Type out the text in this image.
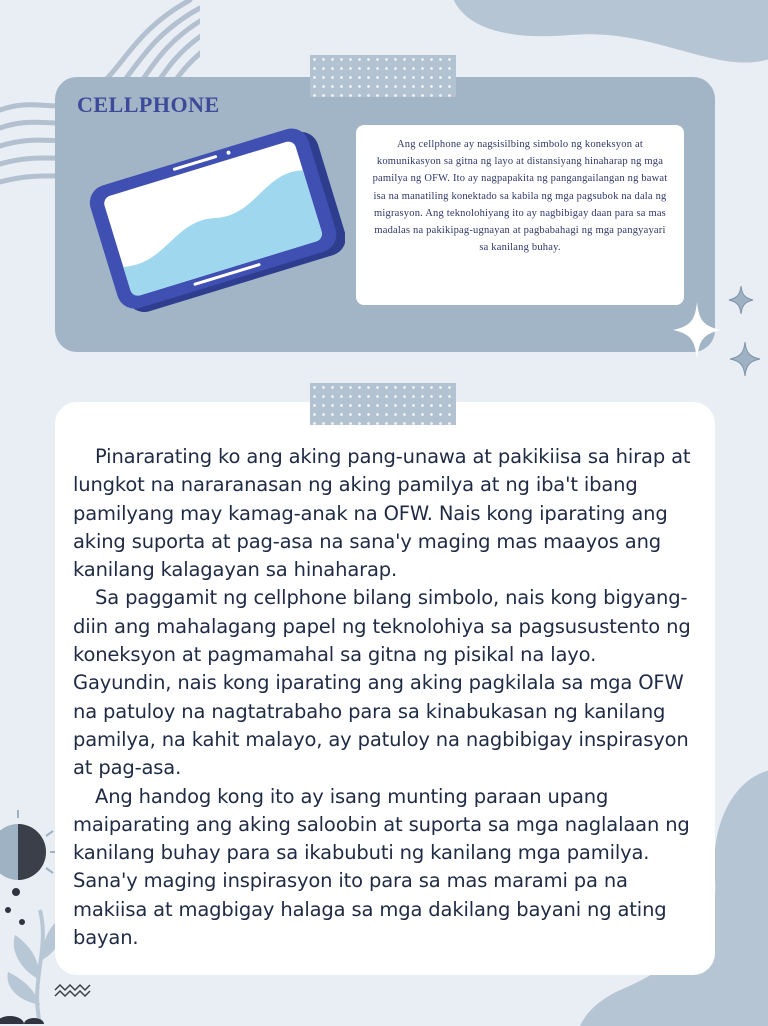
CELLPHONE
Ang cellphone ay nagsisilbing simbolo ng koneksyon at komunikasyon sa gitna ng layo at distansiyang hinaharap ng mga pamilya ng OFW. Ito ay nagpapakita ng pangangailangan ng bawat isa na manatiling konektado sa kabila ng mga pagsubok na dala ng migrasyon. Ang teknolohiyang ito ay nagbibigay daan para sa mas madalas na pakikipag-ugnayan at pagbabahagi ng mga pangyayari sa kanilang buhay.

Pinararating ko ang aking pang-unawa at pakikiisa sa hirap at lungkot na nararanasan ng aking pamilya at ng iba't ibang pamilyang may kamag-anak na OFW. Nais kong iparating ang aking suporta at pag-asa na sana'y maging mas maayos ang kanilang kalagayan sa hinaharap.

Sa paggamit ng cellphone bilang simbolo, nais kong bigyang-diin ang mahalagang papel ng teknolohiya sa pagsusustento ng koneksyon at pagmamahal sa gitna ng pisikal na layo. Gayundin, nais kong iparating ang aking pagkilala sa mga OFW na patuloy na nagtatrabaho para sa kinabukasan ng kanilang pamilya, na kahit malayo, ay patuloy na nagbibigay inspirasyon at pag-asa.

Ang handog kong ito ay isang munting paraan upang maiparating ang aking saloobin at suporta sa mga naglalaan ng kanilang buhay para sa ikabubuti ng kanilang mga pamilya. Sana'y maging inspirasyon ito para sa mas marami pa na makiisa at magbigay halaga sa mga dakilang bayani ng ating bayan.
